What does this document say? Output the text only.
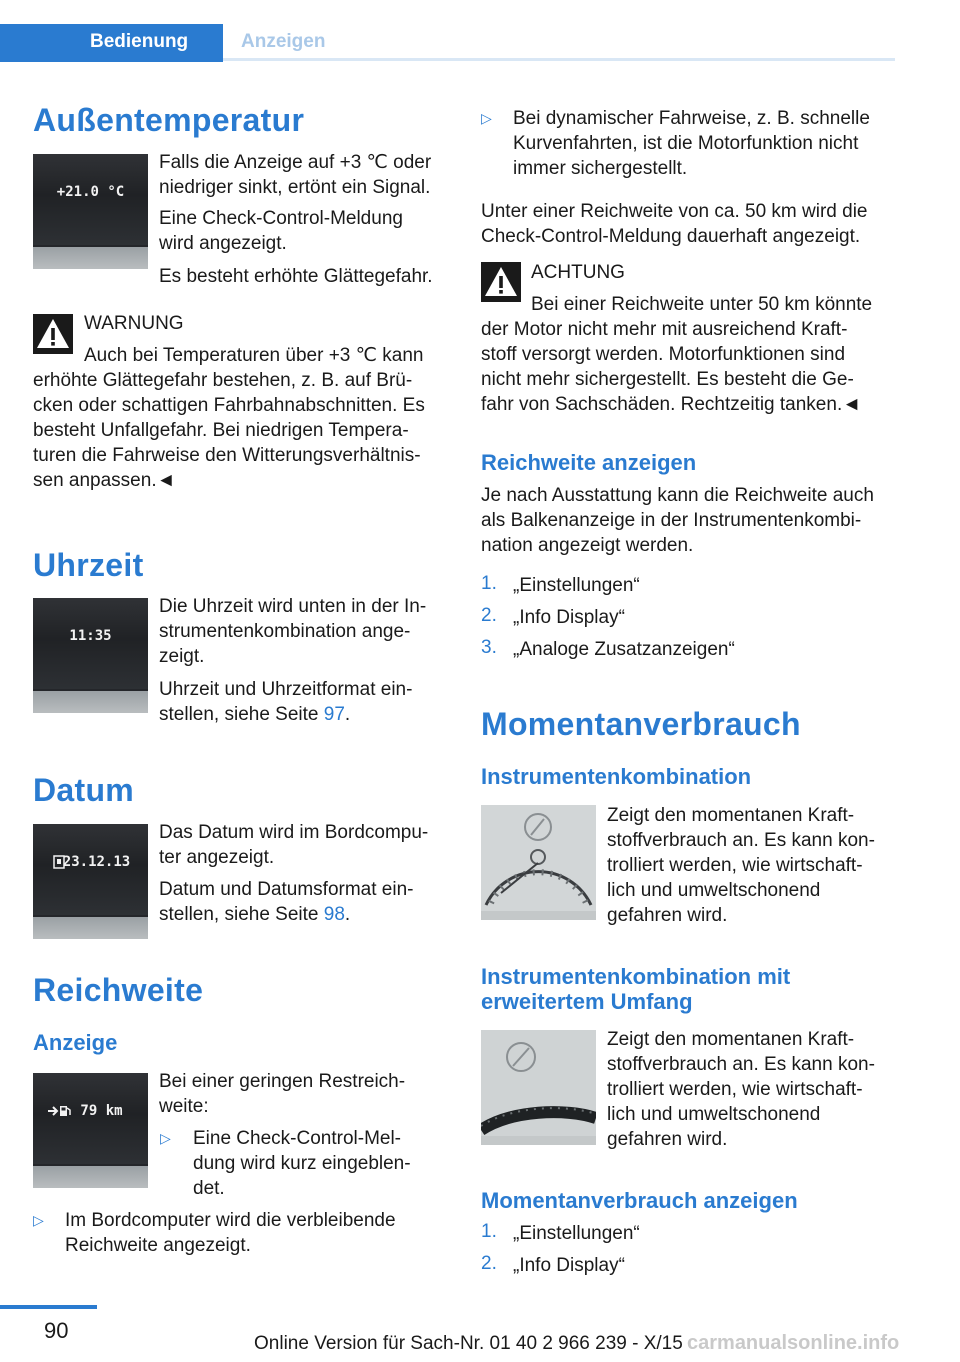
Bedienung	Anzeigen
Außentemperatur
+21.0 °C
Falls die Anzeige auf +3 ℃ oder
niedriger sinkt, ertönt ein Signal.
Eine Check-Control-Meldung
wird angezeigt.
Es besteht erhöhte Glättegefahr.
WARNUNG
Auch bei Temperaturen über +3 ℃ kann
erhöhte Glättegefahr bestehen, z. B. auf Brü‐
cken oder schattigen Fahrbahnabschnitten. Es
besteht Unfallgefahr. Bei niedrigen Tempera‐
turen die Fahrweise den Witterungsverhältnis‐
sen anpassen.◄
Uhrzeit
11:35
Die Uhrzeit wird unten in der In‐
strumentenkombination ange‐
zeigt.
Uhrzeit und Uhrzeitformat ein‐
stellen, siehe Seite 97.
Datum
23.12.13
Das Datum wird im Bordcompu‐
ter angezeigt.
Datum und Datumsformat ein‐
stellen, siehe Seite 98.
Reichweite
Anzeige
79 km
Bei einer geringen Restreich‐
weite:
▷ Eine Check-Control-Mel‐
dung wird kurz eingeblen‐
det.
▷ Im Bordcomputer wird die verbleibende
Reichweite angezeigt.
▷ Bei dynamischer Fahrweise, z. B. schnelle
Kurvenfahrten, ist die Motorfunktion nicht
immer sichergestellt.
Unter einer Reichweite von ca. 50 km wird die
Check-Control-Meldung dauerhaft angezeigt.
ACHTUNG
Bei einer Reichweite unter 50 km könnte
der Motor nicht mehr mit ausreichend Kraft‐
stoff versorgt werden. Motorfunktionen sind
nicht mehr sichergestellt. Es besteht die Ge‐
fahr von Sachschäden. Rechtzeitig tanken.◄
Reichweite anzeigen
Je nach Ausstattung kann die Reichweite auch
als Balkenanzeige in der Instrumentenkombi‐
nation angezeigt werden.
1. „Einstellungen“
2. „Info Display“
3. „Analoge Zusatzanzeigen“
Momentanverbrauch
Instrumentenkombination
Zeigt den momentanen Kraft‐
stoffverbrauch an. Es kann kon‐
trolliert werden, wie wirtschaft‐
lich und umweltschonend
gefahren wird.
Instrumentenkombination mit
erweitertem Umfang
Zeigt den momentanen Kraft‐
stoffverbrauch an. Es kann kon‐
trolliert werden, wie wirtschaft‐
lich und umweltschonend
gefahren wird.
Momentanverbrauch anzeigen
1. „Einstellungen“
2. „Info Display“
90
Online Version für Sach-Nr. 01 40 2 966 239 - X/15 carmanualsonline.info
